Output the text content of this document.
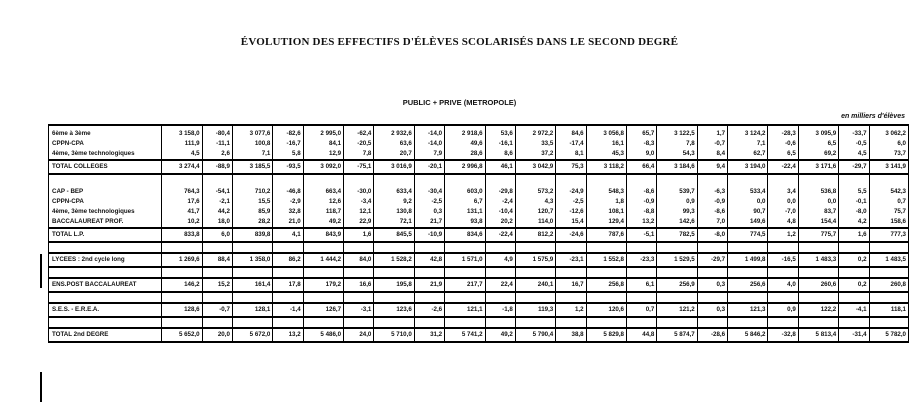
ÉVOLUTION DES EFFECTIFS D'ÉLÈVES SCOLARISÉS DANS LE SECOND DEGRÉ
PUBLIC + PRIVE (METROPOLE)
en milliers d'élèves
6ème à 3ème	3 158,0	-80,4	3 077,6	-82,6	2 995,0	-62,4	2 932,6	-14,0	2 918,6	53,6	2 972,2	84,6	3 056,8	65,7	3 122,5	1,7	3 124,2	-28,3	3 095,9	-33,7	3 062,2
CPPN-CPA	111,9	-11,1	100,8	-16,7	84,1	-20,5	63,6	-14,0	49,6	-16,1	33,5	-17,4	16,1	-8,3	7,8	-0,7	7,1	-0,6	6,5	-0,5	6,0
4ème, 3ème technologiques	4,5	2,6	7,1	5,8	12,9	7,8	20,7	7,9	28,6	8,6	37,2	8,1	45,3	9,0	54,3	8,4	62,7	6,5	69,2	4,5	73,7
TOTAL COLLEGES	3 274,4	-88,9	3 185,5	-93,5	3 092,0	-75,1	3 016,9	-20,1	2 996,8	46,1	3 042,9	75,3	3 118,2	66,4	3 184,6	9,4	3 194,0	-22,4	3 171,6	-29,7	3 141,9

CAP - BEP	764,3	-54,1	710,2	-46,8	663,4	-30,0	633,4	-30,4	603,0	-29,8	573,2	-24,9	548,3	-8,6	539,7	-6,3	533,4	3,4	536,8	5,5	542,3
CPPN-CPA	17,6	-2,1	15,5	-2,9	12,6	-3,4	9,2	-2,5	6,7	-2,4	4,3	-2,5	1,8	-0,9	0,9	-0,9	0,0	0,0	0,0	-0,1	0,7
4ème, 3ème technologiques	41,7	44,2	85,9	32,8	118,7	12,1	130,8	0,3	131,1	-10,4	120,7	-12,6	108,1	-8,8	99,3	-8,6	90,7	-7,0	83,7	-8,0	75,7
BACCALAUREAT PROF.	10,2	18,0	28,2	21,0	49,2	22,9	72,1	21,7	93,8	20,2	114,0	15,4	129,4	13,2	142,6	7,0	149,6	4,8	154,4	4,2	158,6
TOTAL L.P.	833,8	6,0	839,8	4,1	843,9	1,6	845,5	-10,9	834,6	-22,4	812,2	-24,6	787,6	-5,1	782,5	-8,0	774,5	1,2	775,7	1,6	777,3

LYCEES : 2nd cycle long	1 269,6	88,4	1 358,0	86,2	1 444,2	84,0	1 528,2	42,8	1 571,0	4,9	1 575,9	-23,1	1 552,8	-23,3	1 529,5	-29,7	1 499,8	-16,5	1 483,3	0,2	1 483,5

ENS.POST BACCALAUREAT	146,2	15,2	161,4	17,8	179,2	16,6	195,8	21,9	217,7	22,4	240,1	16,7	256,8	6,1	256,9	0,3	256,6	4,0	260,6	0,2	260,8

S.E.S. - E.R.E.A.	128,6	-0,7	128,1	-1,4	126,7	-3,1	123,6	-2,6	121,1	-1,8	119,3	1,2	120,6	0,7	121,2	0,3	121,3	0,9	122,2	-4,1	118,1

TOTAL 2nd DEGRE	5 652,0	20,0	5 672,0	13,2	5 486,0	24,0	5 710,0	31,2	5 741,2	49,2	5 790,4	38,8	5 829,8	44,8	5 874,7	-28,6	5 846,2	-32,8	5 813,4	-31,4	5 782,0
